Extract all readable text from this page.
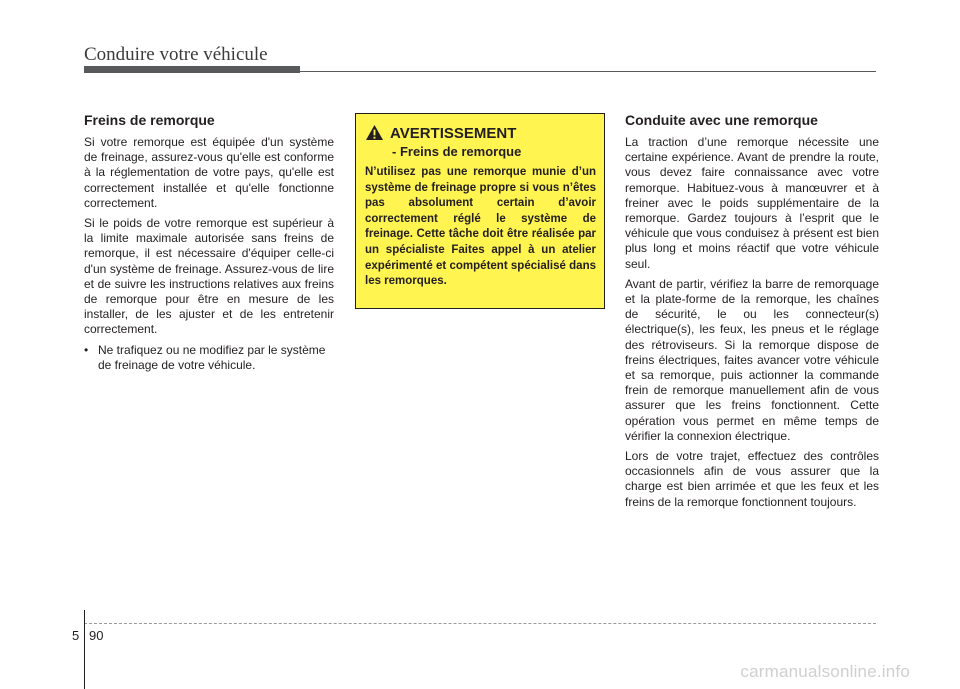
Conduire votre véhicule
Freins de remorque

Si votre remorque est équipée d'un système de freinage, assurez-vous qu'elle est conforme à la réglementation de votre pays, qu'elle est correctement installée et qu'elle fonctionne correctement.

Si le poids de votre remorque est supérieur à la limite maximale autorisée sans freins de remorque, il est nécessaire d'équiper celle-ci d'un système de freinage. Assurez-vous de lire et de suivre les instructions relatives aux freins de remorque pour être en mesure de les installer, de les ajuster et de les entretenir correctement.

• Ne trafiquez ou ne modifiez par le système de freinage de votre véhicule.
AVERTISSEMENT
- Freins de remorque

N’utilisez pas une remorque munie d’un système de freinage propre si vous n’êtes pas absolument certain d’avoir correctement réglé le système de freinage. Cette tâche doit être réalisée par un spécialiste Faites appel à un atelier expérimenté et compétent spécialisé dans les remorques.

Conduite avec une remorque

La traction d’une remorque nécessite une certaine expérience. Avant de prendre la route, vous devez faire connaissance avec votre remorque. Habituez-vous à manœuvrer et à freiner avec le poids supplémentaire de la remorque. Gardez toujours à l’esprit que le véhicule que vous conduisez à présent est bien plus long et moins réactif que votre véhicule seul.

Avant de partir, vérifiez la barre de remorquage et la plate-forme de la remorque, les chaînes de sécurité, le ou les connecteur(s) électrique(s), les feux, les pneus et le réglage des rétroviseurs. Si la remorque dispose de freins électriques, faites avancer votre véhicule et sa remorque, puis actionner la commande frein de remorque manuellement afin de vous assurer que les freins fonctionnent. Cette opération vous permet en même temps de vérifier la connexion électrique.

Lors de votre trajet, effectuez des contrôles occasionnels afin de vous assurer que la charge est bien arrimée et que les feux et les freins de la remorque fonctionnent toujours.

5 90
carmanualsonline.info
